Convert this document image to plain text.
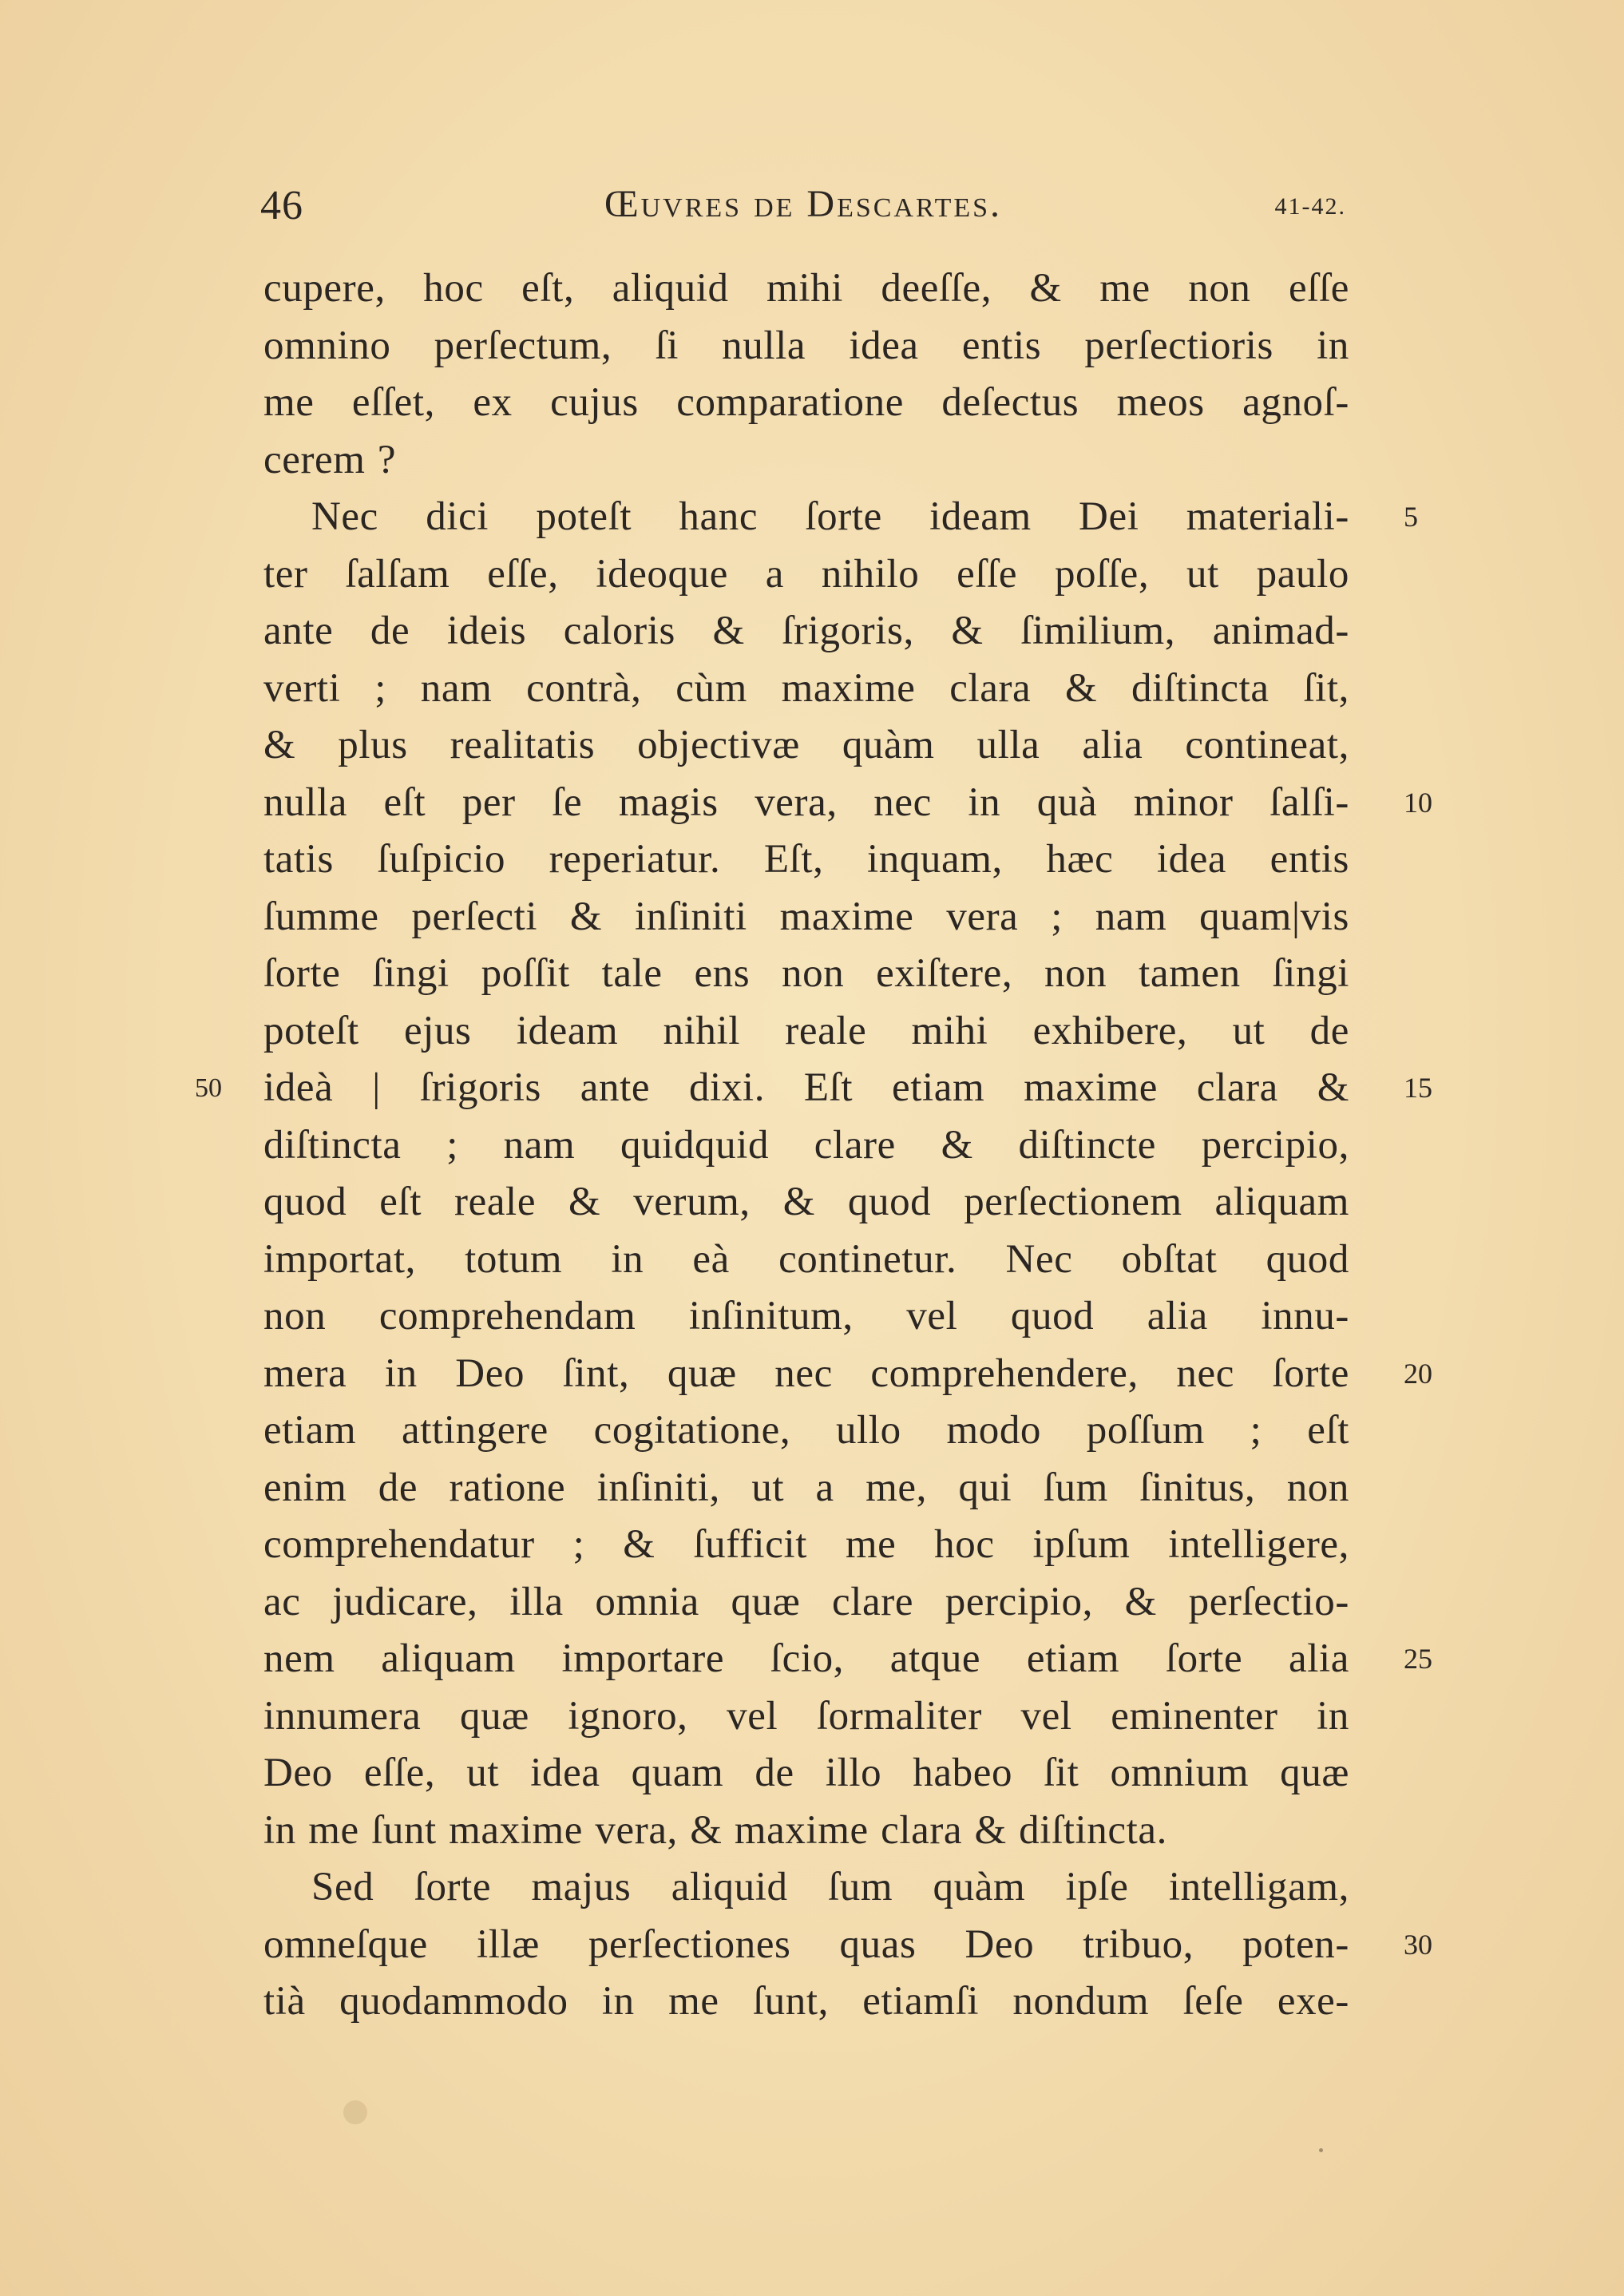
46	Œuvres de Descartes.	41-42.
cupere, hoc eſt, aliquid mihi deeſſe, & me non eſſe
omnino perſectum, ſi nulla idea entis perſectioris in
me eſſet, ex cujus comparatione deſectus meos agnoſ-
cerem ?
Nec dici poteſt hanc ſorte ideam Dei materiali- 5
ter ſalſam eſſe, ideoque a nihilo eſſe poſſe, ut paulo
ante de ideis caloris & ſrigoris, & ſimilium, animad-
verti ; nam contrà, cùm maxime clara & diſtincta ſit,
& plus realitatis objectivæ quàm ulla alia contineat,
nulla eſt per ſe magis vera, nec in quà minor ſalſi- 10
tatis ſuſpicio reperiatur. Eſt, inquam, hæc idea entis
ſumme perſecti & inſiniti maxime vera ; nam quam|vis
ſorte ſingi poſſit tale ens non exiſtere, non tamen ſingi
poteſt ejus ideam nihil reale mihi exhibere, ut de
50	ideà | ſrigoris ante dixi. Eſt etiam maxime clara & 15
diſtincta ; nam quidquid clare & diſtincte percipio,
quod eſt reale & verum, & quod perſectionem aliquam
importat, totum in eà continetur. Nec obſtat quod
non comprehendam inſinitum, vel quod alia innu-
mera in Deo ſint, quæ nec comprehendere, nec ſorte 20
etiam attingere cogitatione, ullo modo poſſum ; eſt
enim de ratione inſiniti, ut a me, qui ſum ſinitus, non
comprehendatur ; & ſufficit me hoc ipſum intelligere,
ac judicare, illa omnia quæ clare percipio, & perſectio-
nem aliquam importare ſcio, atque etiam ſorte alia 25
innumera quæ ignoro, vel ſormaliter vel eminenter in
Deo eſſe, ut idea quam de illo habeo ſit omnium quæ
in me ſunt maxime vera, & maxime clara & diſtincta.
Sed ſorte majus aliquid ſum quàm ipſe intelligam,
omneſque illæ perſectiones quas Deo tribuo, poten- 30
tià quodammodo in me ſunt, etiamſi nondum ſeſe exe-
